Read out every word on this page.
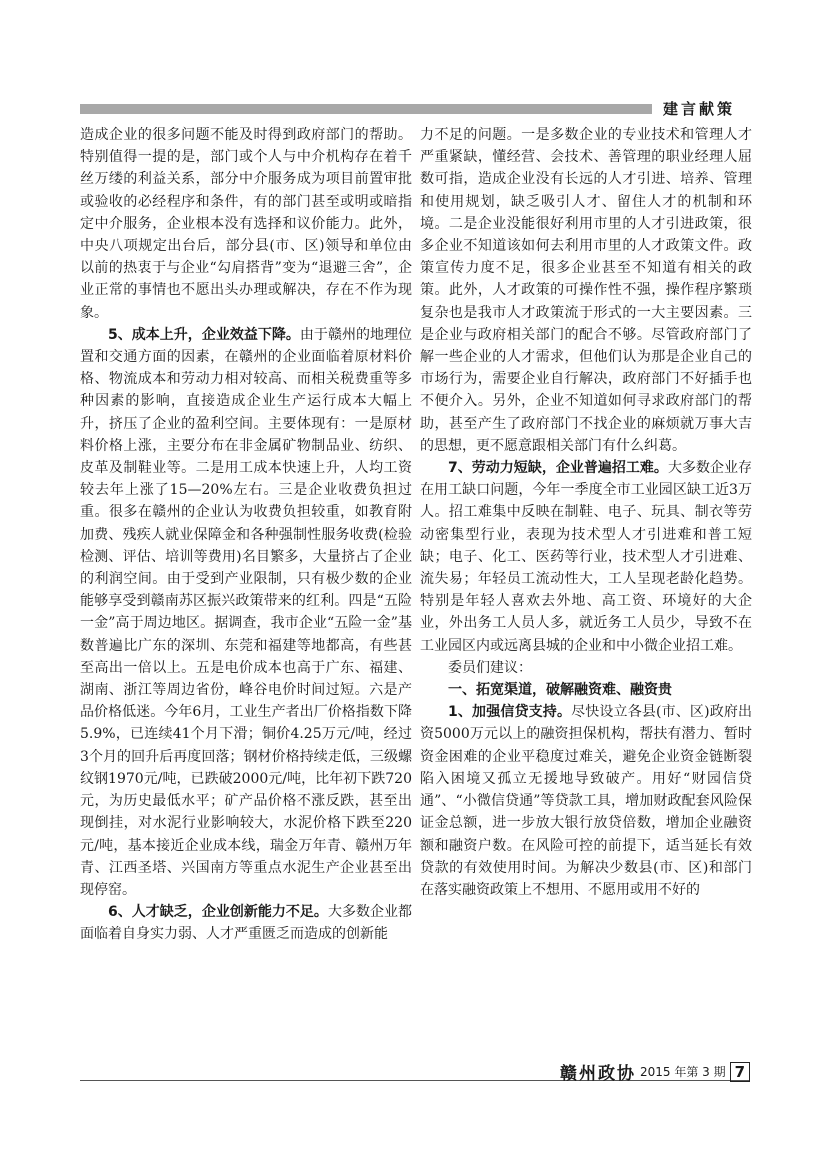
建言献策

造成企业的很多问题不能及时得到政府部门的帮助。特别值得一提的是，部门或个人与中介机构存在着千丝万缕的利益关系，部分中介服务成为项目前置审批或验收的必经程序和条件，有的部门甚至或明或暗指定中介服务，企业根本没有选择和议价能力。此外，中央八项规定出台后，部分县(市、区)领导和单位由以前的热衷于与企业“勾肩搭背”变为“退避三舍”，企业正常的事情也不愿出头办理或解决，存在不作为现象。

5、成本上升，企业效益下降。由于赣州的地理位置和交通方面的因素，在赣州的企业面临着原材料价格、物流成本和劳动力相对较高、而相关税费重等多种因素的影响，直接造成企业生产运行成本大幅上升，挤压了企业的盈利空间。主要体现有：一是原材料价格上涨，主要分布在非金属矿物制品业、纺织、皮革及制鞋业等。二是用工成本快速上升，人均工资较去年上涨了15—20%左右。三是企业收费负担过重。很多在赣州的企业认为收费负担较重，如教育附加费、残疾人就业保障金和各种强制性服务收费(检验检测、评估、培训等费用)名目繁多，大量挤占了企业的利润空间。由于受到产业限制，只有极少数的企业能够享受到赣南苏区振兴政策带来的红利。四是“五险一金”高于周边地区。据调查，我市企业“五险一金”基数普遍比广东的深圳、东莞和福建等地都高，有些甚至高出一倍以上。五是电价成本也高于广东、福建、湖南、浙江等周边省份，峰谷电价时间过短。六是产品价格低迷。今年6月，工业生产者出厂价格指数下降5.9%，已连续41个月下滑；铜价4.25万元/吨，经过3个月的回升后再度回落；钢材价格持续走低，三级螺纹钢1970元/吨，已跌破2000元/吨，比年初下跌720元，为历史最低水平；矿产品价格不涨反跌，甚至出现倒挂，对水泥行业影响较大，水泥价格下跌至220元/吨，基本接近企业成本线，瑞金万年青、赣州万年青、江西圣塔、兴国南方等重点水泥生产企业甚至出现停窑。

6、人才缺乏，企业创新能力不足。大多数企业都面临着自身实力弱、人才严重匮乏而造成的创新能

力不足的问题。一是多数企业的专业技术和管理人才严重紧缺，懂经营、会技术、善管理的职业经理人屈数可指，造成企业没有长远的人才引进、培养、管理和使用规划，缺乏吸引人才、留住人才的机制和环境。二是企业没能很好利用市里的人才引进政策，很多企业不知道该如何去利用市里的人才政策文件。政策宣传力度不足，很多企业甚至不知道有相关的政策。此外，人才政策的可操作性不强，操作程序繁琐复杂也是我市人才政策流于形式的一大主要因素。三是企业与政府相关部门的配合不够。尽管政府部门了解一些企业的人才需求，但他们认为那是企业自己的市场行为，需要企业自行解决，政府部门不好插手也不便介入。另外，企业不知道如何寻求政府部门的帮助，甚至产生了政府部门不找企业的麻烦就万事大吉的思想，更不愿意跟相关部门有什么纠葛。

7、劳动力短缺，企业普遍招工难。大多数企业存在用工缺口问题，今年一季度全市工业园区缺工近3万人。招工难集中反映在制鞋、电子、玩具、制衣等劳动密集型行业，表现为技术型人才引进难和普工短缺；电子、化工、医药等行业，技术型人才引进难、流失易；年轻员工流动性大，工人呈现老龄化趋势。特别是年轻人喜欢去外地、高工资、环境好的大企业，外出务工人员人多，就近务工人员少，导致不在工业园区内或远离县城的企业和中小微企业招工难。

委员们建议：

一、拓宽渠道，破解融资难、融资贵

1、加强信贷支持。尽快设立各县(市、区)政府出资5000万元以上的融资担保机构，帮扶有潜力、暂时资金困难的企业平稳度过难关，避免企业资金链断裂陷入困境又孤立无援地导致破产。用好“财园信贷通”、“小微信贷通”等贷款工具，增加财政配套风险保证金总额，进一步放大银行放贷倍数，增加企业融资额和融资户数。在风险可控的前提下，适当延长有效贷款的有效使用时间。为解决少数县(市、区)和部门在落实融资政策上不想用、不愿用或用不好的

赣州政协 2015 年第 3 期 7
